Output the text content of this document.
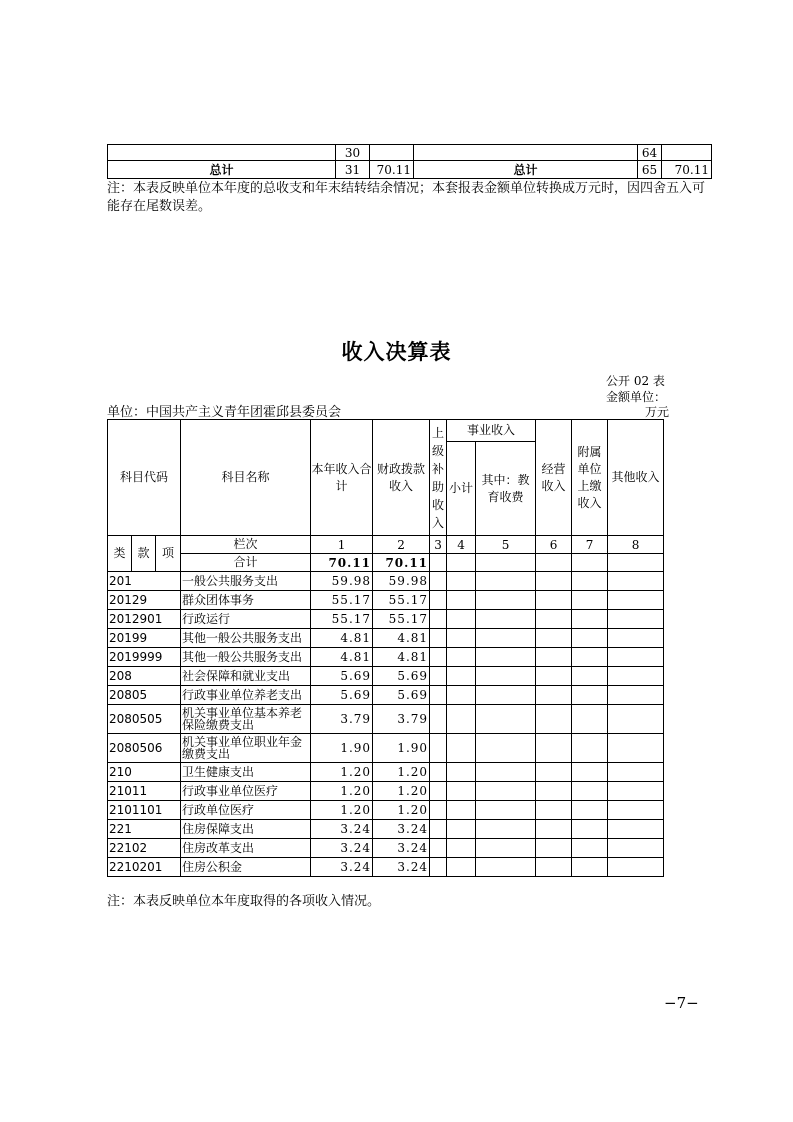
	30			64	
总计	31	70.11	总计	65	70.11
注：本表反映单位本年度的总收支和年末结转结余情况；本套报表金额单位转换成万元时，因四舍五入可能存在尾数误差。
收入决算表
公开 02 表
金额单位：
万元
单位：中国共产主义青年团霍邱县委员会
科目代码			科目名称	本年收入合计	财政拨款收入	上级补助收入	事业收入		经营收入	附属单位上缴收入	其他收入
							小计	其中：教育收费			

类	款	项	栏次	1	2	3	4	5	6	7	8
			合计	70.11	70.11						
201			一般公共服务支出	59.98	59.98						
20129			群众团体事务	55.17	55.17						
2012901			行政运行	55.17	55.17						
20199			其他一般公共服务支出	4.81	4.81						
2019999			其他一般公共服务支出	4.81	4.81						
208			社会保障和就业支出	5.69	5.69						
20805			行政事业单位养老支出	5.69	5.69						
2080505			机关事业单位基本养老保险缴费支出	3.79	3.79						
2080506			机关事业单位职业年金缴费支出	1.90	1.90						
210			卫生健康支出	1.20	1.20						
21011			行政事业单位医疗	1.20	1.20						
2101101			行政单位医疗	1.20	1.20						
221			住房保障支出	3.24	3.24						
22102			住房改革支出	3.24	3.24						
2210201			住房公积金	3.24	3.24						
注：本表反映单位本年度取得的各项收入情况。
−7−
